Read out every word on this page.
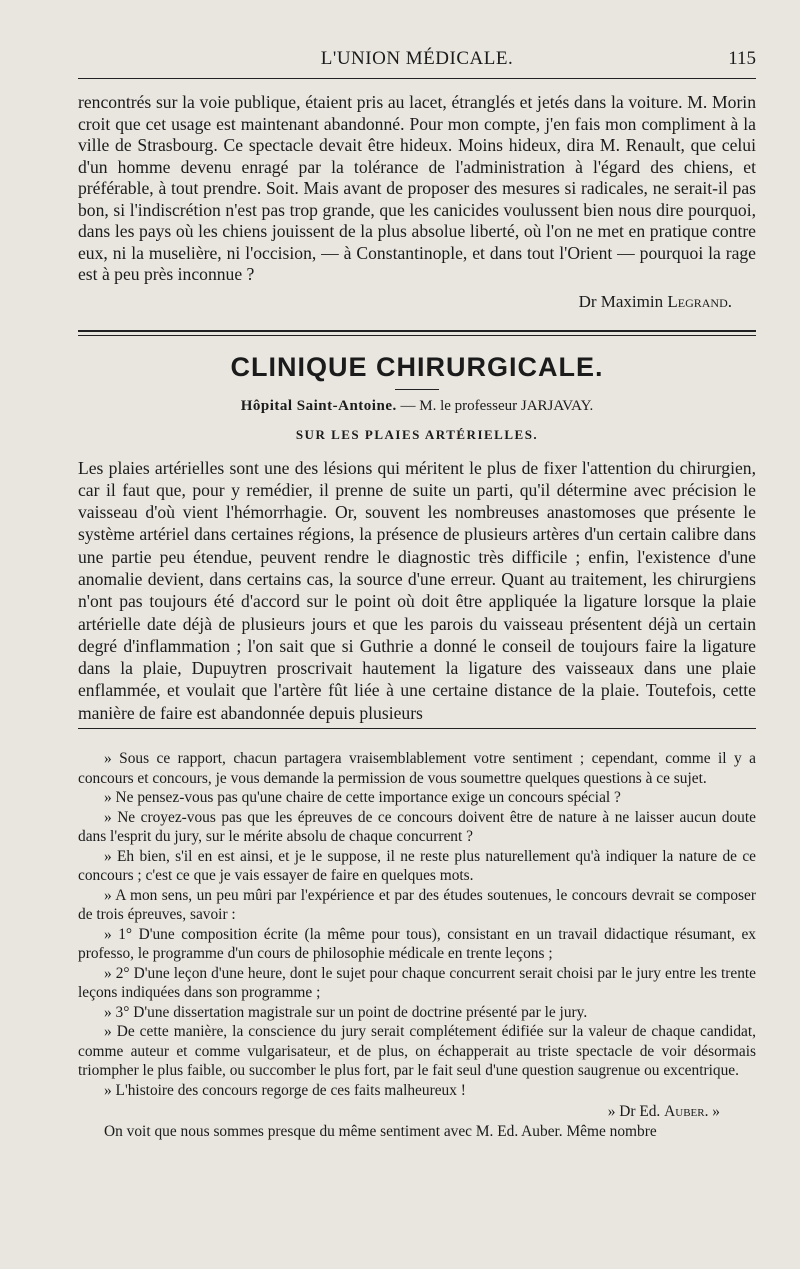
L'UNION MÉDICALE.	115

rencontrés sur la voie publique, étaient pris au lacet, étranglés et jetés dans la voiture. M. Morin croit que cet usage est maintenant abandonné. Pour mon compte, j'en fais mon compliment à la ville de Strasbourg. Ce spectacle devait être hideux. Moins hideux, dira M. Renault, que celui d'un homme devenu enragé par la tolérance de l'administration à l'égard des chiens, et préférable, à tout prendre. Soit. Mais avant de proposer des mesures si radicales, ne serait-il pas bon, si l'indiscrétion n'est pas trop grande, que les canicides voulussent bien nous dire pourquoi, dans les pays où les chiens jouissent de la plus absolue liberté, où l'on ne met en pratique contre eux, ni la muselière, ni l'occision, — à Constantinople, et dans tout l'Orient — pourquoi la rage est à peu près inconnue ?

Dr Maximin Legrand.
CLINIQUE CHIRURGICALE.
Hôpital Saint-Antoine. — M. le professeur JARJAVAY.
SUR LES PLAIES ARTÉRIELLES.

Les plaies artérielles sont une des lésions qui méritent le plus de fixer l'attention du chirurgien, car il faut que, pour y remédier, il prenne de suite un parti, qu'il détermine avec précision le vaisseau d'où vient l'hémorrhagie. Or, souvent les nombreuses anastomoses que présente le système artériel dans certaines régions, la présence de plusieurs artères d'un certain calibre dans une partie peu étendue, peuvent rendre le diagnostic très difficile ; enfin, l'existence d'une anomalie devient, dans certains cas, la source d'une erreur. Quant au traitement, les chirurgiens n'ont pas toujours été d'accord sur le point où doit être appliquée la ligature lorsque la plaie artérielle date déjà de plusieurs jours et que les parois du vaisseau présentent déjà un certain degré d'inflammation ; l'on sait que si Guthrie a donné le conseil de toujours faire la ligature dans la plaie, Dupuytren proscrivait hautement la ligature des vaisseaux dans une plaie enflammée, et voulait que l'artère fût liée à une certaine distance de la plaie. Toutefois, cette manière de faire est abandonnée depuis plusieurs

» Sous ce rapport, chacun partagera vraisemblablement votre sentiment ; cependant, comme il y a concours et concours, je vous demande la permission de vous soumettre quelques questions à ce sujet.

» Ne pensez-vous pas qu'une chaire de cette importance exige un concours spécial ?

» Ne croyez-vous pas que les épreuves de ce concours doivent être de nature à ne laisser aucun doute dans l'esprit du jury, sur le mérite absolu de chaque concurrent ?

» Eh bien, s'il en est ainsi, et je le suppose, il ne reste plus naturellement qu'à indiquer la nature de ce concours ; c'est ce que je vais essayer de faire en quelques mots.

» A mon sens, un peu mûri par l'expérience et par des études soutenues, le concours devrait se composer de trois épreuves, savoir :

» 1° D'une composition écrite (la même pour tous), consistant en un travail didactique résumant, ex professo, le programme d'un cours de philosophie médicale en trente leçons ;

» 2° D'une leçon d'une heure, dont le sujet pour chaque concurrent serait choisi par le jury entre les trente leçons indiquées dans son programme ;

» 3° D'une dissertation magistrale sur un point de doctrine présenté par le jury.

» De cette manière, la conscience du jury serait complétement édifiée sur la valeur de chaque candidat, comme auteur et comme vulgarisateur, et de plus, on échapperait au triste spectacle de voir désormais triompher le plus faible, ou succomber le plus fort, par le fait seul d'une question saugrenue ou excentrique.

» L'histoire des concours regorge de ces faits malheureux !

» Dr Ed. Auber. »

On voit que nous sommes presque du même sentiment avec M. Ed. Auber. Même nombre
